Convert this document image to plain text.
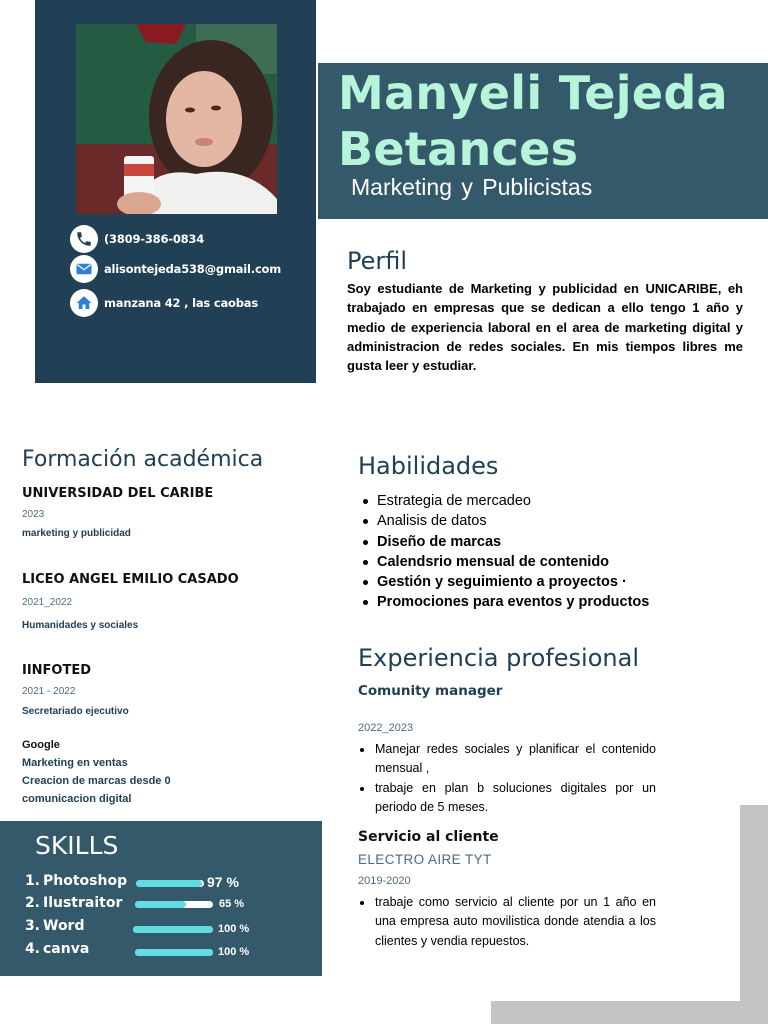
(3809-386-0834
alisontejeda538@gmail.com
manzana 42 , las caobas
Manyeli Tejeda
Betances
Marketing y Publicistas
Perfil
Soy estudiante de Marketing y publicidad en UNICARIBE, eh trabajado en empresas que se dedican a ello tengo 1 año y medio de experiencia laboral en el area de marketing digital y administracion de redes sociales. En mis tiempos libres me gusta leer y estudiar.
Formación académica
UNIVERSIDAD DEL CARIBE
2023
marketing y publicidad
LICEO ANGEL EMILIO CASADO
2021_2022
Humanidades y sociales
IINFOTED
2021 - 2022
Secretariado ejecutivo
Google
Marketing en ventas
Creacion de marcas desde 0
comunicacion digital
Habilidades
Estrategia de mercadeo
Analisis de datos
Diseño de marcas
Calendsrio mensual de contenido
Gestión y seguimiento a proyectos ·
Promociones para eventos y productos
Experiencia profesional
Comunity manager
2022_2023
Manejar redes sociales y planificar el contenido mensual ,
trabaje en plan b soluciones digitales por un periodo de 5 meses.
Servicio al cliente
ELECTRO AIRE TYT
2019-2020
trabaje como servicio al cliente por un 1 año en una empresa auto movilistica donde atendia a los clientes y vendia repuestos.
SKILLS
1. Photoshop	97 %
2. Ilustraitor	65 %
3. Word	100 %
4. canva	100 %
